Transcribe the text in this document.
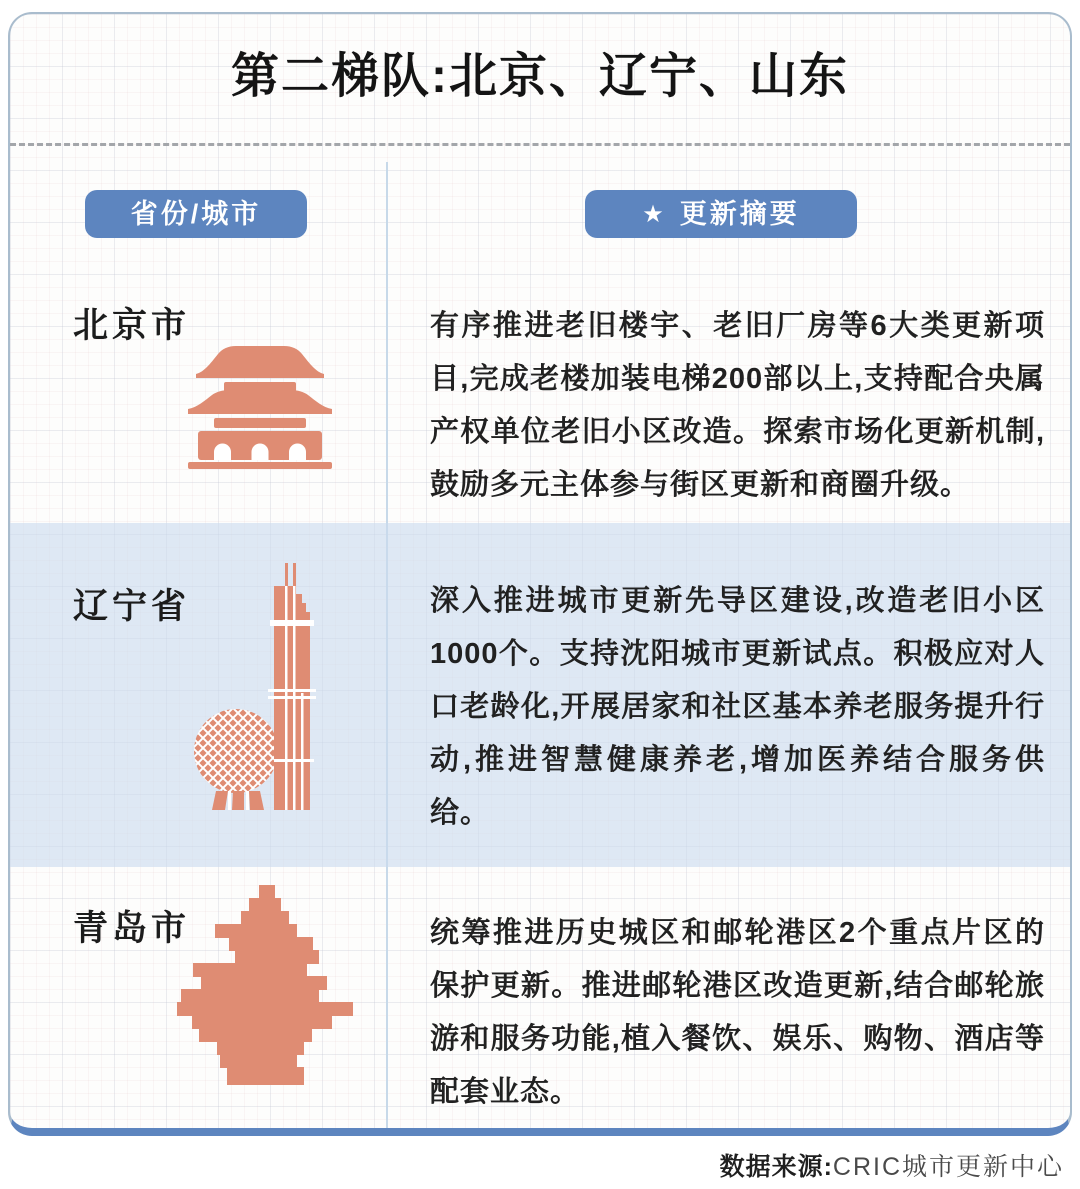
第二梯队:北京、辽宁、山东
省份/城市	★ 更新摘要
北京市	有序推进老旧楼宇、老旧厂房等6大类更新项目,完成老楼加装电梯200部以上,支持配合央属产权单位老旧小区改造。探索市场化更新机制,鼓励多元主体参与街区更新和商圈升级。
辽宁省	深入推进城市更新先导区建设,改造老旧小区1000个。支持沈阳城市更新试点。积极应对人口老龄化,开展居家和社区基本养老服务提升行动,推进智慧健康养老,增加医养结合服务供给。
青岛市	统筹推进历史城区和邮轮港区2个重点片区的保护更新。推进邮轮港区改造更新,结合邮轮旅游和服务功能,植入餐饮、娱乐、购物、酒店等配套业态。
数据来源:CRIC城市更新中心
